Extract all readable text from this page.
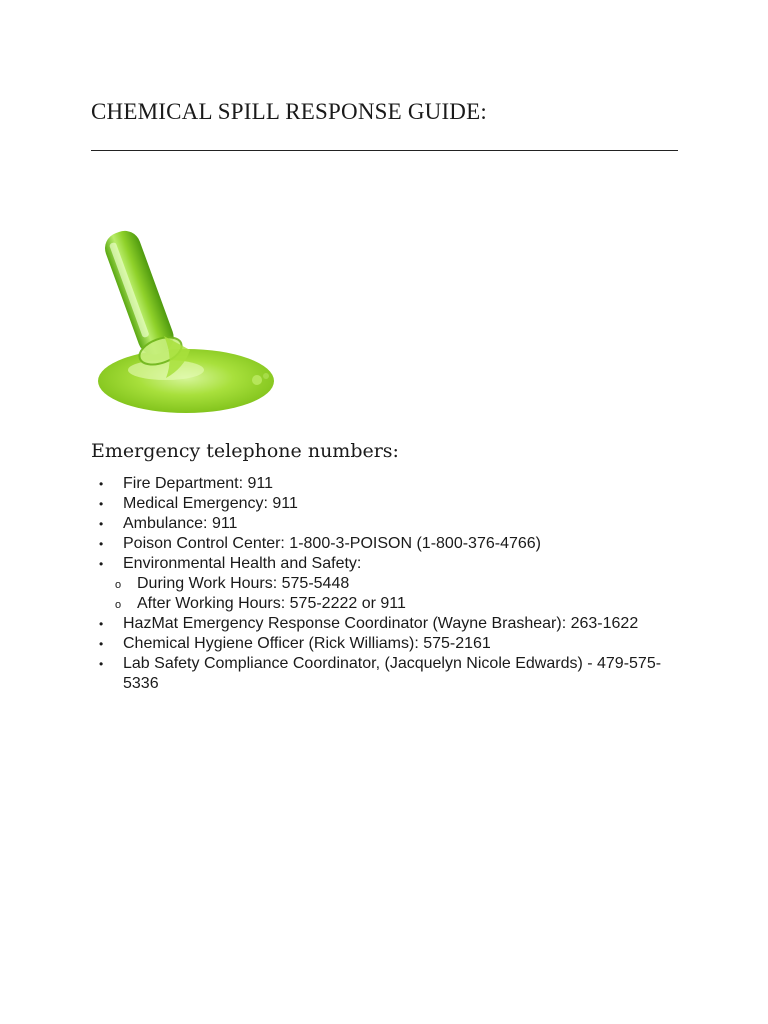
CHEMICAL SPILL RESPONSE GUIDE:
Emergency telephone numbers:
•	Fire Department: 911
•	Medical Emergency: 911
•	Ambulance: 911
•	Poison Control Center: 1-800-3-POISON (1-800-376-4766)
•	Environmental Health and Safety:
o During Work Hours: 575-5448
o After Working Hours: 575-2222 or 911
•	HazMat Emergency Response Coordinator (Wayne Brashear): 263-1622
•	Chemical Hygiene Officer (Rick Williams): 575-2161
•	Lab Safety Compliance Coordinator, (Jacquelyn Nicole Edwards) - 479-575-5336
